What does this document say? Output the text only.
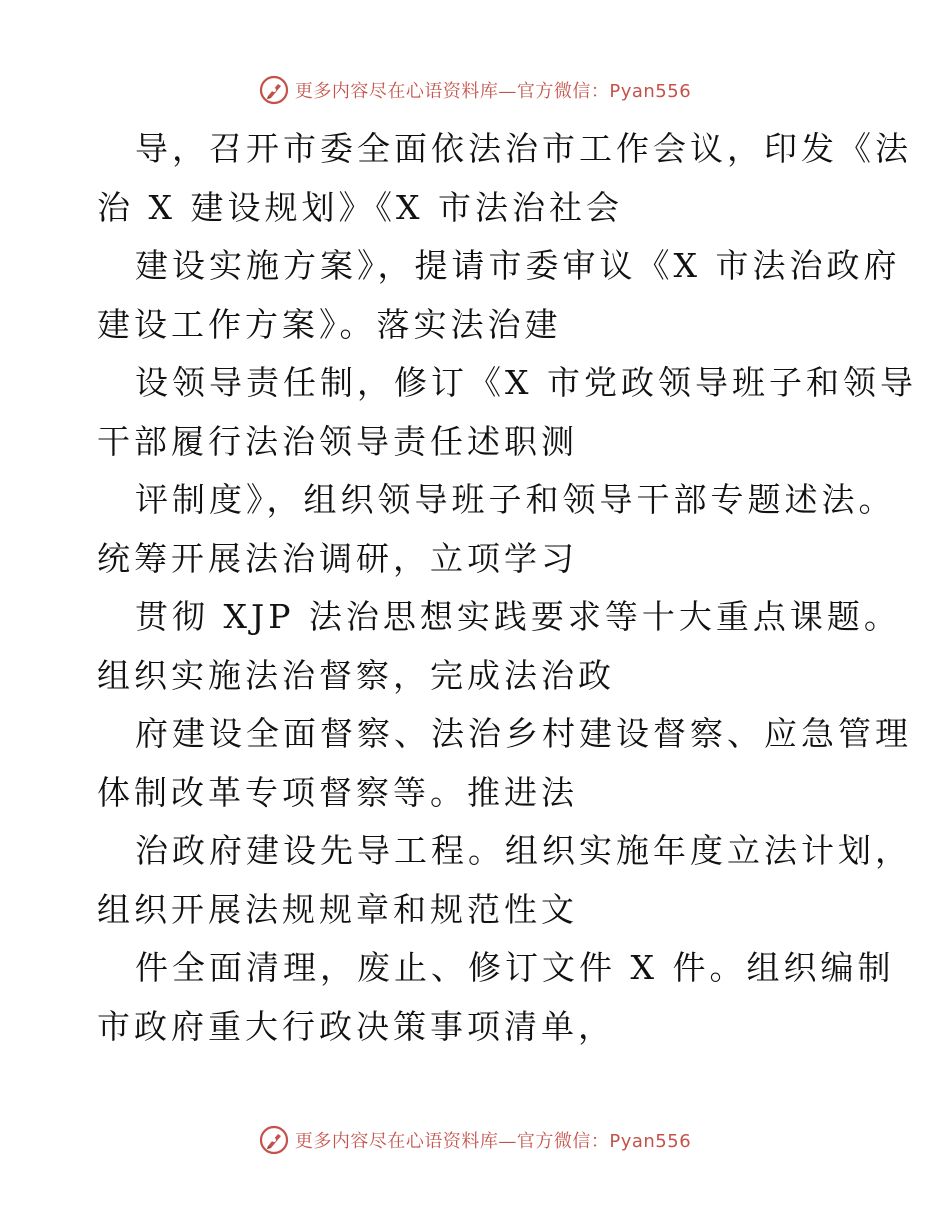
更多内容尽在心语资料库—官方微信：Pyan556
导，召开市委全面依法治市工作会议，印发《法
治 X 建设规划》《X 市法治社会
建设实施方案》，提请市委审议《X 市法治政府
建设工作方案》。落实法治建
设领导责任制，修订《X 市党政领导班子和领导
干部履行法治领导责任述职测
评制度》，组织领导班子和领导干部专题述法。
统筹开展法治调研，立项学习
贯彻 XJP 法治思想实践要求等十大重点课题。
组织实施法治督察，完成法治政
府建设全面督察、法治乡村建设督察、应急管理
体制改革专项督察等。推进法
治政府建设先导工程。组织实施年度立法计划，
组织开展法规规章和规范性文
件全面清理，废止、修订文件 X 件。组织编制
市政府重大行政决策事项清单，
更多内容尽在心语资料库—官方微信：Pyan556
